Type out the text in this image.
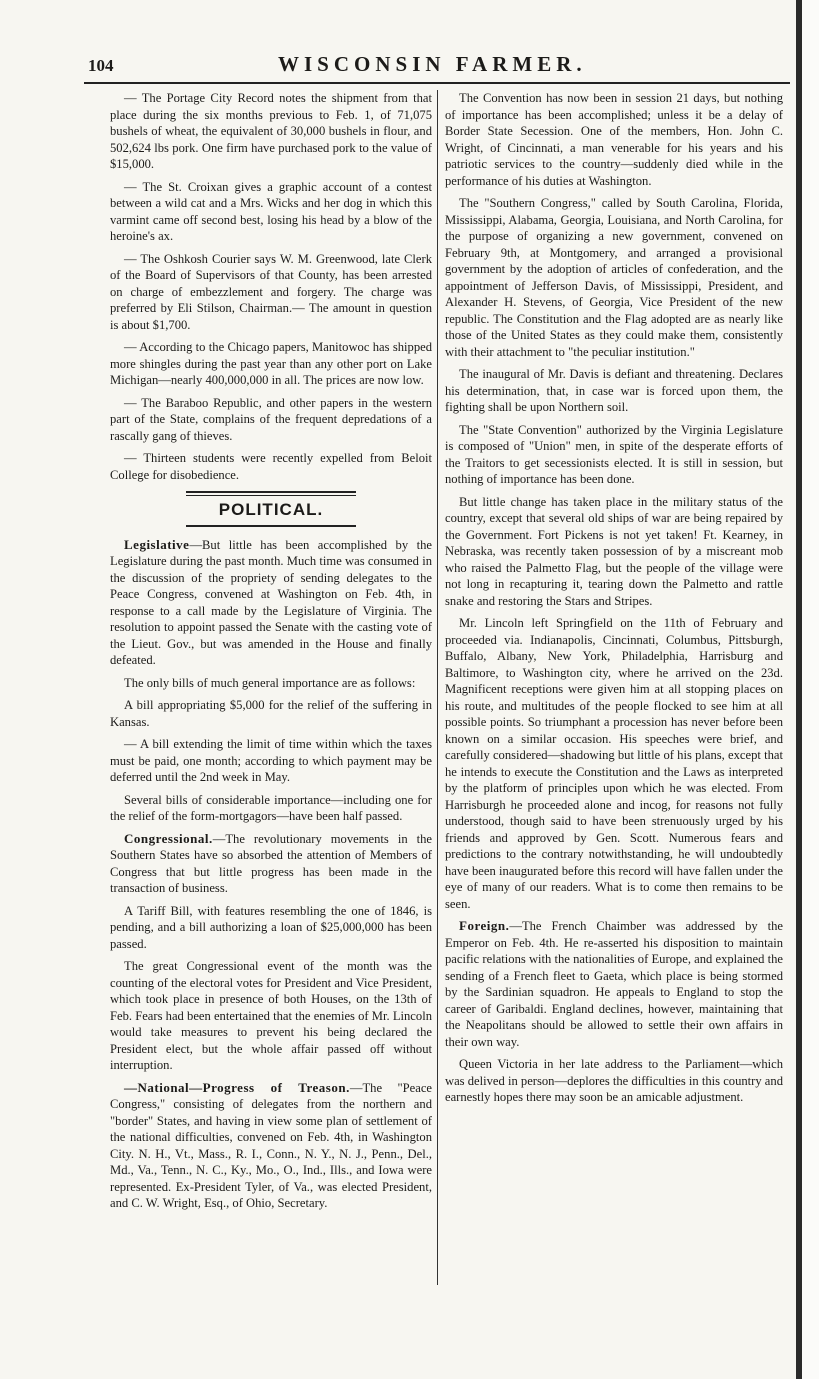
104	WISCONSIN FARMER.

— The Portage City Record notes the shipment from that place during the six months previous to Feb. 1, of 71,075 bushels of wheat, the equivalent of 30,000 bushels in flour, and 502,624 lbs pork. One firm have purchased pork to the value of $15,000.

— The St. Croixan gives a graphic account of a contest between a wild cat and a Mrs. Wicks and her dog in which this varmint came off second best, losing his head by a blow of the heroine's ax.

— The Oshkosh Courier says W. M. Greenwood, late Clerk of the Board of Supervisors of that County, has been arrested on charge of embezzlement and forgery. The charge was preferred by Eli Stilson, Chairman.— The amount in question is about $1,700.

— According to the Chicago papers, Manitowoc has shipped more shingles during the past year than any other port on Lake Michigan—nearly 400,000,000 in all. The prices are now low.

— The Baraboo Republic, and other papers in the western part of the State, complains of the frequent depredations of a rascally gang of thieves.

— Thirteen students were recently expelled from Beloit College for disobedience.

POLITICAL.

Legislative—But little has been accomplished by the Legislature during the past month. Much time was consumed in the discussion of the propriety of sending delegates to the Peace Congress, convened at Washington on Feb. 4th, in response to a call made by the Legislature of Virginia. The resolution to appoint passed the Senate with the casting vote of the Lieut. Gov., but was amended in the House and finally defeated.

The only bills of much general importance are as follows:

A bill appropriating $5,000 for the relief of the suffering in Kansas.

— A bill extending the limit of time within which the taxes must be paid, one month; according to which payment may be deferred until the 2nd week in May.

Several bills of considerable importance—including one for the relief of the form-mortgagors—have been half passed.

Congressional.—The revolutionary movements in the Southern States have so absorbed the attention of Members of Congress that but little progress has been made in the transaction of business.

A Tariff Bill, with features resembling the one of 1846, is pending, and a bill authorizing a loan of $25,000,000 has been passed.

The great Congressional event of the month was the counting of the electoral votes for President and Vice President, which took place in presence of both Houses, on the 13th of Feb. Fears had been entertained that the enemies of Mr. Lincoln would take measures to prevent his being declared the President elect, but the whole affair passed off without interruption.

—National—Progress of Treason.—The "Peace Congress," consisting of delegates from the northern and "border" States, and having in view some plan of settlement of the national difficulties, convened on Feb. 4th, in Washington City. N. H., Vt., Mass., R. I., Conn., N. Y., N. J., Penn., Del., Md., Va., Tenn., N. C., Ky., Mo., O., Ind., Ills., and Iowa were represented. Ex-President Tyler, of Va., was elected President, and C. W. Wright, Esq., of Ohio, Secretary.

The Convention has now been in session 21 days, but nothing of importance has been accomplished; unless it be a delay of Border State Secession. One of the members, Hon. John C. Wright, of Cincinnati, a man venerable for his years and his patriotic services to the country—suddenly died while in the performance of his duties at Washington.

The "Southern Congress," called by South Carolina, Florida, Mississippi, Alabama, Georgia, Louisiana, and North Carolina, for the purpose of organizing a new government, convened on February 9th, at Montgomery, and arranged a provisional government by the adoption of articles of confederation, and the appointment of Jefferson Davis, of Mississippi, President, and Alexander H. Stevens, of Georgia, Vice President of the new republic. The Constitution and the Flag adopted are as nearly like those of the United States as they could make them, consistently with their attachment to "the peculiar institution."

The inaugural of Mr. Davis is defiant and threatening. Declares his determination, that, in case war is forced upon them, the fighting shall be upon Northern soil.

The "State Convention" authorized by the Virginia Legislature is composed of "Union" men, in spite of the desperate efforts of the Traitors to get secessionists elected. It is still in session, but nothing of importance has been done.

But little change has taken place in the military status of the country, except that several old ships of war are being repaired by the Government. Fort Pickens is not yet taken! Ft. Kearney, in Nebraska, was recently taken possession of by a miscreant mob who raised the Palmetto Flag, but the people of the village were not long in recapturing it, tearing down the Palmetto and rattle snake and restoring the Stars and Stripes.

Mr. Lincoln left Springfield on the 11th of February and proceeded via. Indianapolis, Cincinnati, Columbus, Pittsburgh, Buffalo, Albany, New York, Philadelphia, Harrisburg and Baltimore, to Washington city, where he arrived on the 23d. Magnificent receptions were given him at all stopping places on his route, and multitudes of the people flocked to see him at all possible points. So triumphant a procession has never before been known on a similar occasion. His speeches were brief, and carefully considered—shadowing but little of his plans, except that he intends to execute the Constitution and the Laws as interpreted by the platform of principles upon which he was elected. From Harrisburgh he proceeded alone and incog, for reasons not fully understood, though said to have been strenuously urged by his friends and approved by Gen. Scott. Numerous fears and predictions to the contrary notwithstanding, he will undoubtedly have been inaugurated before this record will have fallen under the eye of many of our readers. What is to come then remains to be seen.

Foreign.—The French Chaimber was addressed by the Emperor on Feb. 4th. He re-asserted his disposition to maintain pacific relations with the nationalities of Europe, and explained the sending of a French fleet to Gaeta, which place is being stormed by the Sardinian squadron. He appeals to England to stop the career of Garibaldi. England declines, however, maintaining that the Neapolitans should be allowed to settle their own affairs in their own way.

Queen Victoria in her late address to the Parliament—which was delived in person—deplores the difficulties in this country and earnestly hopes there may soon be an amicable adjustment.
